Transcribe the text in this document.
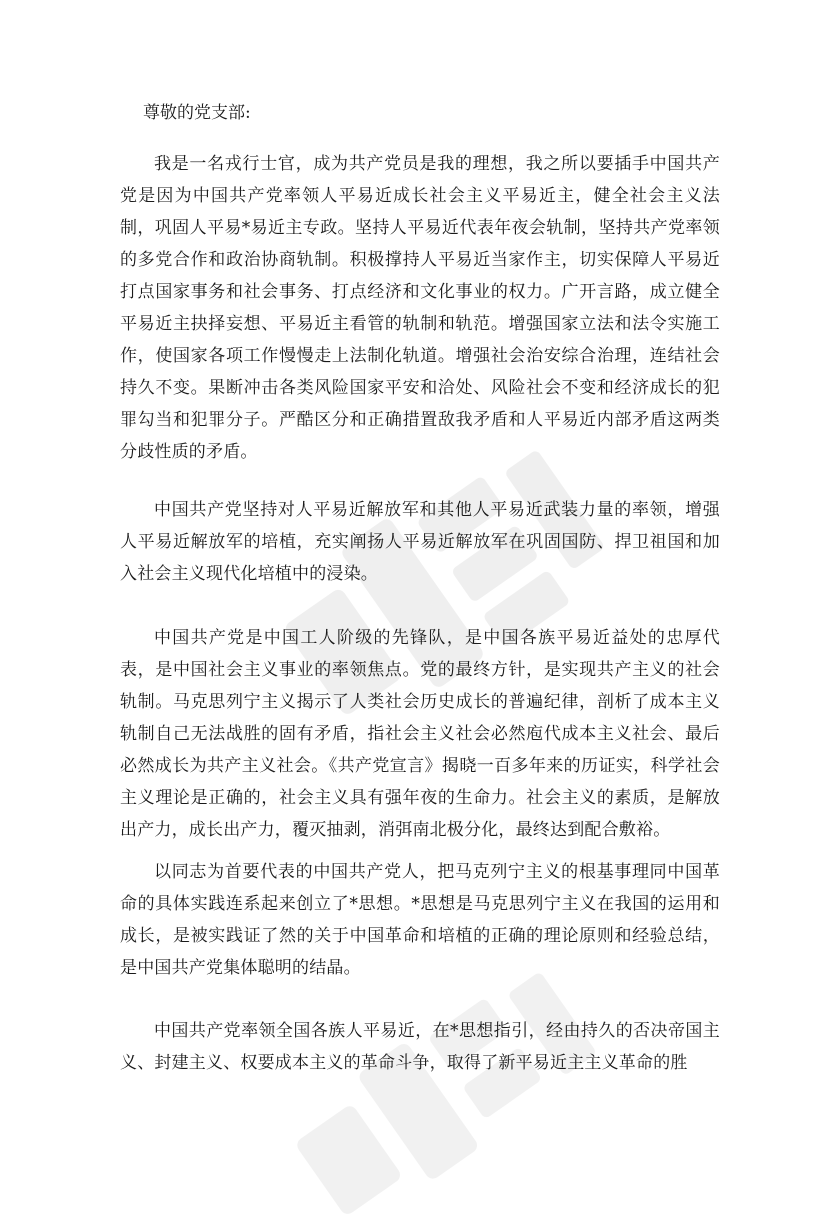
尊敬的党支部:

我是一名戎行士官，成为共产党员是我的理想，我之所以要插手中国共产党是因为中国共产党率领人平易近成长社会主义平易近主，健全社会主义法制，巩固人平易*易近主专政。坚持人平易近代表年夜会轨制，坚持共产党率领的多党合作和政治协商轨制。积极撑持人平易近当家作主，切实保障人平易近打点国家事务和社会事务、打点经济和文化事业的权力。广开言路，成立健全平易近主抉择妄想、平易近主看管的轨制和轨范。增强国家立法和法令实施工作，使国家各项工作慢慢走上法制化轨道。增强社会治安综合治理，连结社会持久不变。果断冲击各类风险国家平安和洽处、风险社会不变和经济成长的犯罪勾当和犯罪分子。严酷区分和正确措置敌我矛盾和人平易近内部矛盾这两类分歧性质的矛盾。

中国共产党坚持对人平易近解放军和其他人平易近武装力量的率领，增强人平易近解放军的培植，充实阐扬人平易近解放军在巩固国防、捍卫祖国和加入社会主义现代化培植中的浸染。

中国共产党是中国工人阶级的先锋队，是中国各族平易近益处的忠厚代表，是中国社会主义事业的率领焦点。党的最终方针，是实现共产主义的社会轨制。马克思列宁主义揭示了人类社会历史成长的普遍纪律，剖析了成本主义轨制自己无法战胜的固有矛盾，指社会主义社会必然庖代成本主义社会、最后必然成长为共产主义社会。《共产党宣言》揭晓一百多年来的历证实，科学社会主义理论是正确的，社会主义具有强年夜的生命力。社会主义的素质，是解放出产力，成长出产力，覆灭抽剥，消弭南北极分化，最终达到配合敷裕。

以同志为首要代表的中国共产党人，把马克列宁主义的根基事理同中国革命的具体实践连系起来创立了*思想。*思想是马克思列宁主义在我国的运用和成长，是被实践证了然的关于中国革命和培植的正确的理论原则和经验总结，是中国共产党集体聪明的结晶。

中国共产党率领全国各族人平易近，在*思想指引，经由持久的否决帝国主义、封建主义、权要成本主义的革命斗争，取得了新平易近主主义革命的胜
